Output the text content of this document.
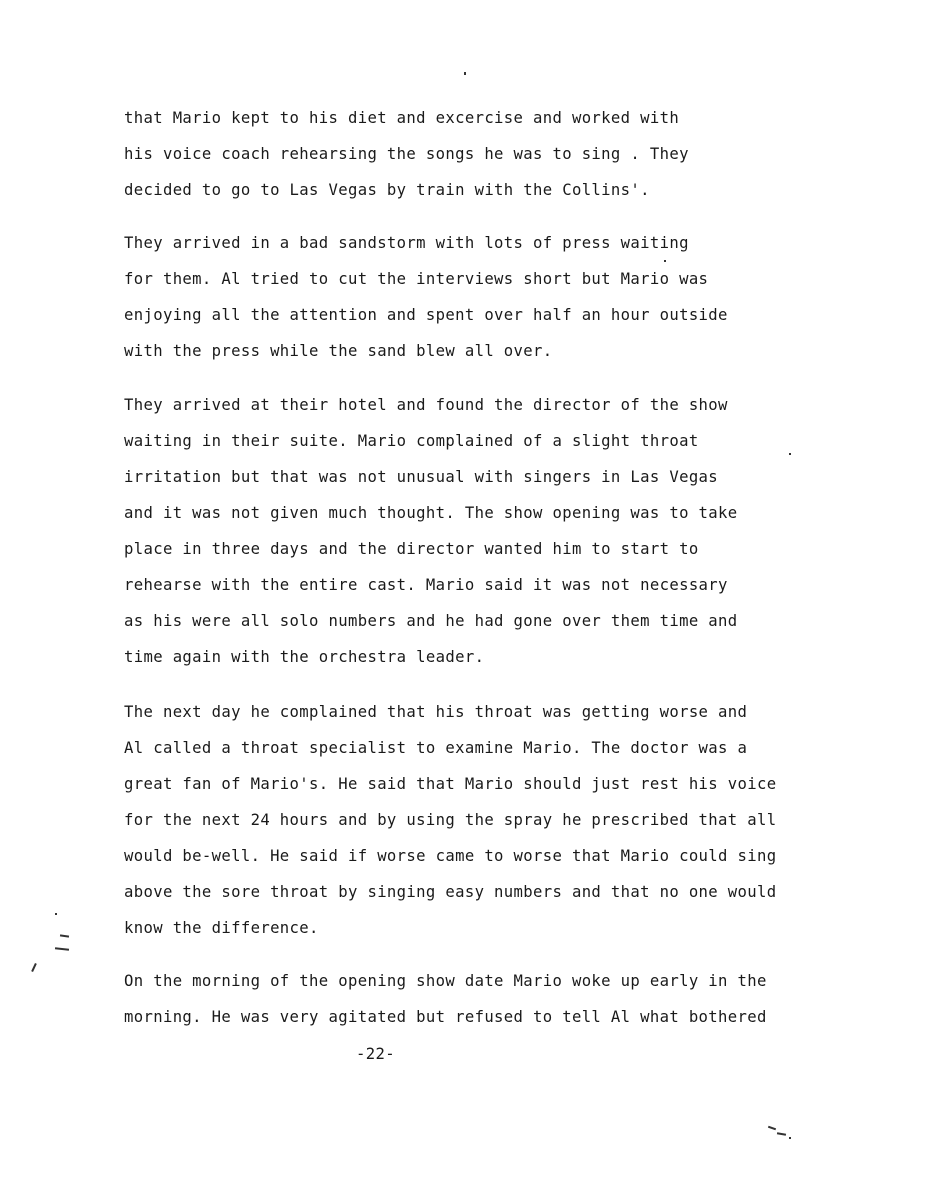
that Mario kept to his diet and excercise and worked with
his voice coach rehearsing the songs he was to sing . They
decided to go to Las Vegas by train with the Collins'.
They arrived in a bad sandstorm with lots of press waiting
for them. Al tried to cut the interviews short but Mario was
enjoying all the attention and spent over half an hour outside
with the press while the sand blew all over.
They arrived at their hotel and found the director of the show
waiting in their suite. Mario complained of a slight throat
irritation but that was not unusual with singers in Las Vegas
and it was not given much thought. The show opening was to take
place in three days and the director wanted him to start to
rehearse with the entire cast. Mario said it was not necessary
as his were all solo numbers and he had gone over them time and
time again with the orchestra leader.
The next day he complained that his throat was getting worse and
Al called a throat specialist to examine Mario. The doctor was a
great fan of Mario's. He said that Mario should just rest his voice
for the next 24 hours and by using the spray he prescribed that all
would be-well. He said if worse came to worse that Mario could sing
above the sore throat by singing easy numbers and that no one would
know the difference.
On the morning of the opening show date Mario woke up early in the
morning. He was very agitated but refused to tell Al what bothered
-22-
